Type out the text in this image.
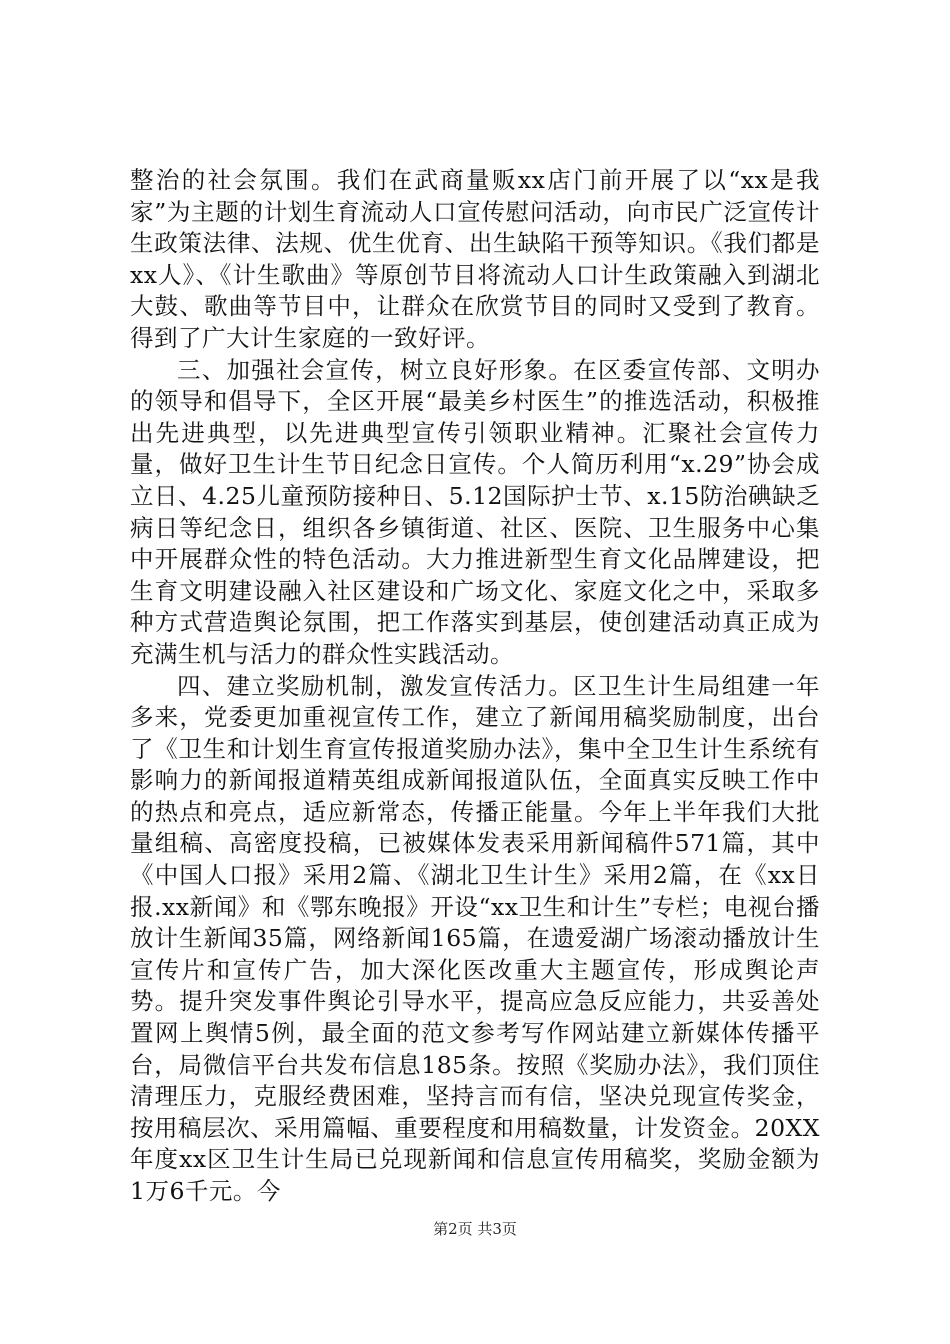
整治的社会氛围。我们在武商量贩xx店门前开展了以“xx是我家”为主题的计划生育流动人口宣传慰问活动，向市民广泛宣传计生政策法律、法规、优生优育、出生缺陷干预等知识。《我们都是xx人》、《计生歌曲》等原创节目将流动人口计生政策融入到湖北大鼓、歌曲等节目中，让群众在欣赏节目的同时又受到了教育。得到了广大计生家庭的一致好评。

三、加强社会宣传，树立良好形象。在区委宣传部、文明办的领导和倡导下，全区开展“最美乡村医生”的推选活动，积极推出先进典型，以先进典型宣传引领职业精神。汇聚社会宣传力量，做好卫生计生节日纪念日宣传。个人简历利用“x.29”协会成立日、4.25儿童预防接种日、5.12国际护士节、x.15防治碘缺乏病日等纪念日，组织各乡镇街道、社区、医院、卫生服务中心集中开展群众性的特色活动。大力推进新型生育文化品牌建设，把生育文明建设融入社区建设和广场文化、家庭文化之中，采取多种方式营造舆论氛围，把工作落实到基层，使创建活动真正成为充满生机与活力的群众性实践活动。

四、建立奖励机制，激发宣传活力。区卫生计生局组建一年多来，党委更加重视宣传工作，建立了新闻用稿奖励制度，出台了《卫生和计划生育宣传报道奖励办法》，集中全卫生计生系统有影响力的新闻报道精英组成新闻报道队伍，全面真实反映工作中的热点和亮点，适应新常态，传播正能量。今年上半年我们大批量组稿、高密度投稿，已被媒体发表采用新闻稿件571篇，其中《中国人口报》采用2篇、《湖北卫生计生》采用2篇，在《xx日报.xx新闻》和《鄂东晚报》开设“xx卫生和计生”专栏；电视台播放计生新闻35篇，网络新闻165篇，在遗爱湖广场滚动播放计生宣传片和宣传广告，加大深化医改重大主题宣传，形成舆论声势。提升突发事件舆论引导水平，提高应急反应能力，共妥善处置网上舆情5例，最全面的范文参考写作网站建立新媒体传播平台，局微信平台共发布信息185条。按照《奖励办法》，我们顶住清理压力，克服经费困难，坚持言而有信，坚决兑现宣传奖金，按用稿层次、采用篇幅、重要程度和用稿数量，计发资金。20XX年度xx区卫生计生局已兑现新闻和信息宣传用稿奖，奖励金额为1万6千元。今

第2页 共3页
